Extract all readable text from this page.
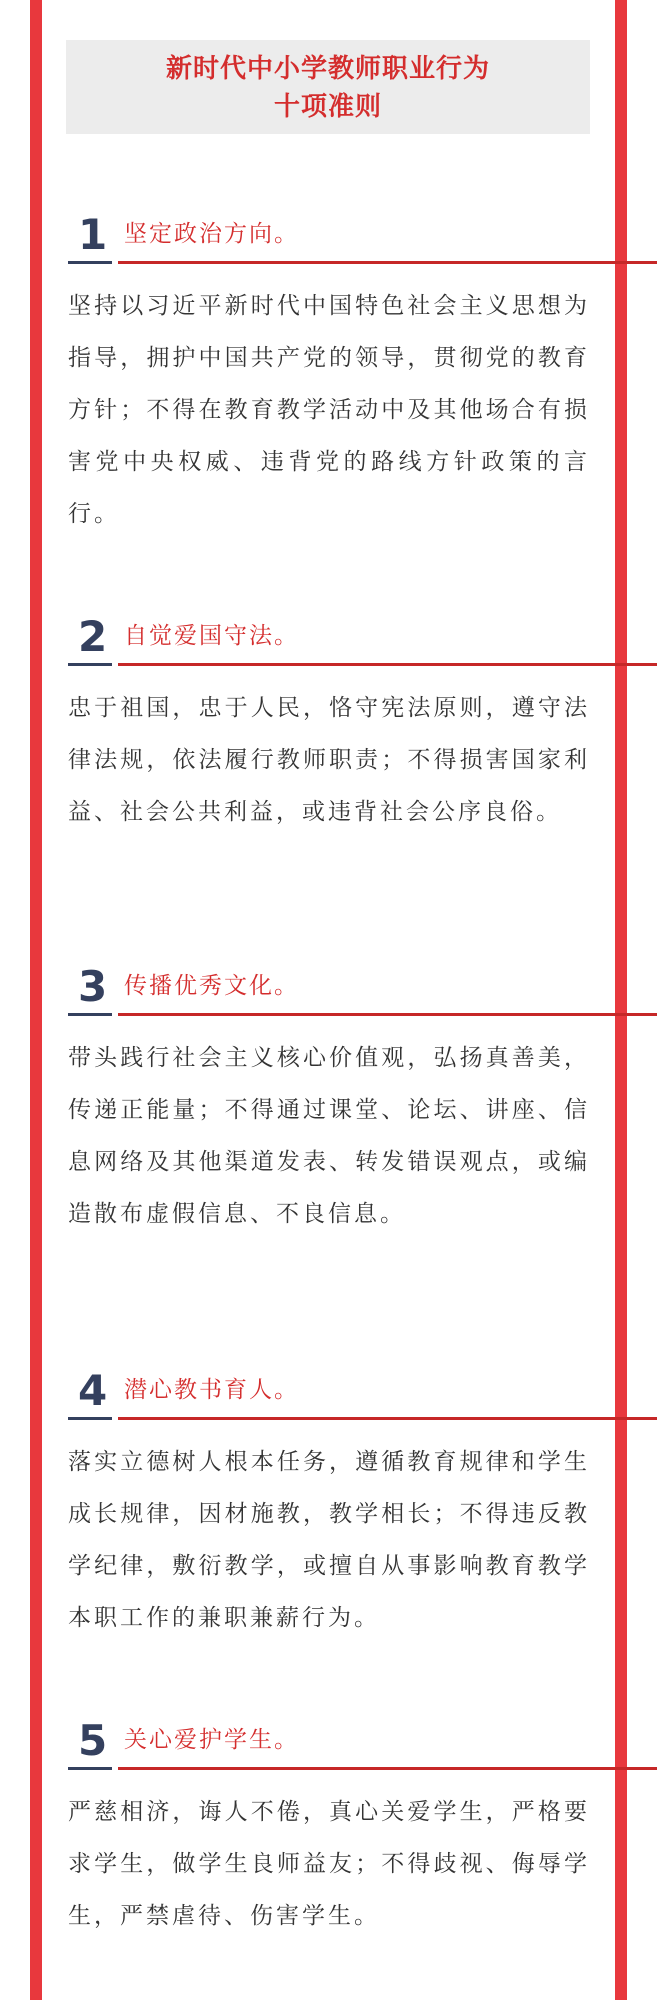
新时代中小学教师职业行为
十项准则
1 坚定政治方向。
坚持以习近平新时代中国特色社会主义思想为指导，拥护中国共产党的领导，贯彻党的教育方针；不得在教育教学活动中及其他场合有损害党中央权威、违背党的路线方针政策的言行。
2 自觉爱国守法。
忠于祖国，忠于人民，恪守宪法原则，遵守法律法规，依法履行教师职责；不得损害国家利益、社会公共利益，或违背社会公序良俗。
3 传播优秀文化。
带头践行社会主义核心价值观，弘扬真善美，传递正能量；不得通过课堂、论坛、讲座、信息网络及其他渠道发表、转发错误观点，或编造散布虚假信息、不良信息。
4 潜心教书育人。
落实立德树人根本任务，遵循教育规律和学生成长规律，因材施教，教学相长；不得违反教学纪律，敷衍教学，或擅自从事影响教育教学本职工作的兼职兼薪行为。
5 关心爱护学生。
严慈相济，诲人不倦，真心关爱学生，严格要求学生，做学生良师益友；不得歧视、侮辱学生，严禁虐待、伤害学生。
